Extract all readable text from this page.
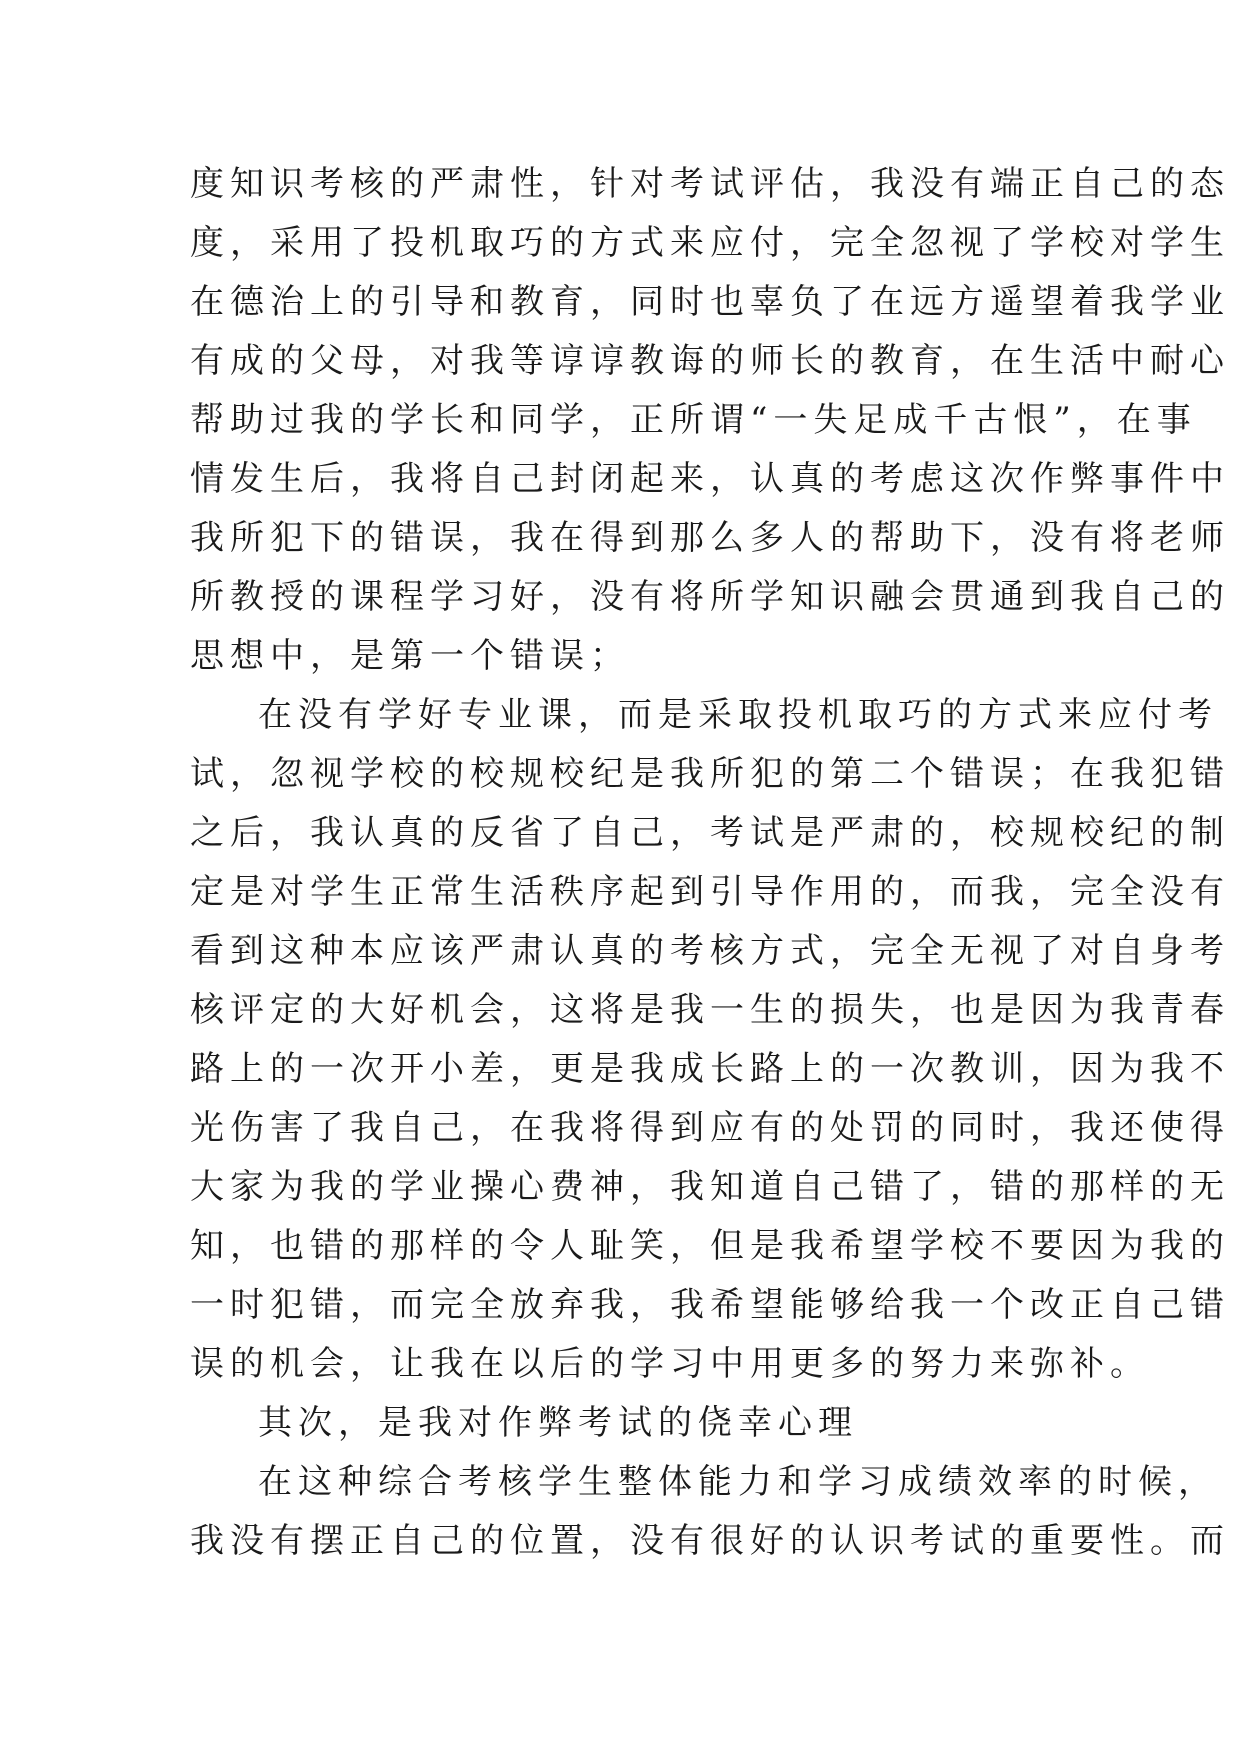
度知识考核的严肃性，针对考试评估，我没有端正自己的态
度，采用了投机取巧的方式来应付，完全忽视了学校对学生
在德治上的引导和教育，同时也辜负了在远方遥望着我学业
有成的父母，对我等谆谆教诲的师长的教育，在生活中耐心
帮助过我的学长和同学，正所谓“一失足成千古恨”，在事
情发生后，我将自己封闭起来，认真的考虑这次作弊事件中
我所犯下的错误，我在得到那么多人的帮助下，没有将老师
所教授的课程学习好，没有将所学知识融会贯通到我自己的
思想中，是第一个错误；
在没有学好专业课，而是采取投机取巧的方式来应付考
试，忽视学校的校规校纪是我所犯的第二个错误；在我犯错
之后，我认真的反省了自己，考试是严肃的，校规校纪的制
定是对学生正常生活秩序起到引导作用的，而我，完全没有
看到这种本应该严肃认真的考核方式，完全无视了对自身考
核评定的大好机会，这将是我一生的损失，也是因为我青春
路上的一次开小差，更是我成长路上的一次教训，因为我不
光伤害了我自己，在我将得到应有的处罚的同时，我还使得
大家为我的学业操心费神，我知道自己错了，错的那样的无
知，也错的那样的令人耻笑，但是我希望学校不要因为我的
一时犯错，而完全放弃我，我希望能够给我一个改正自己错
误的机会，让我在以后的学习中用更多的努力来弥补。
其次，是我对作弊考试的侥幸心理
在这种综合考核学生整体能力和学习成绩效率的时候，
我没有摆正自己的位置，没有很好的认识考试的重要性。而
